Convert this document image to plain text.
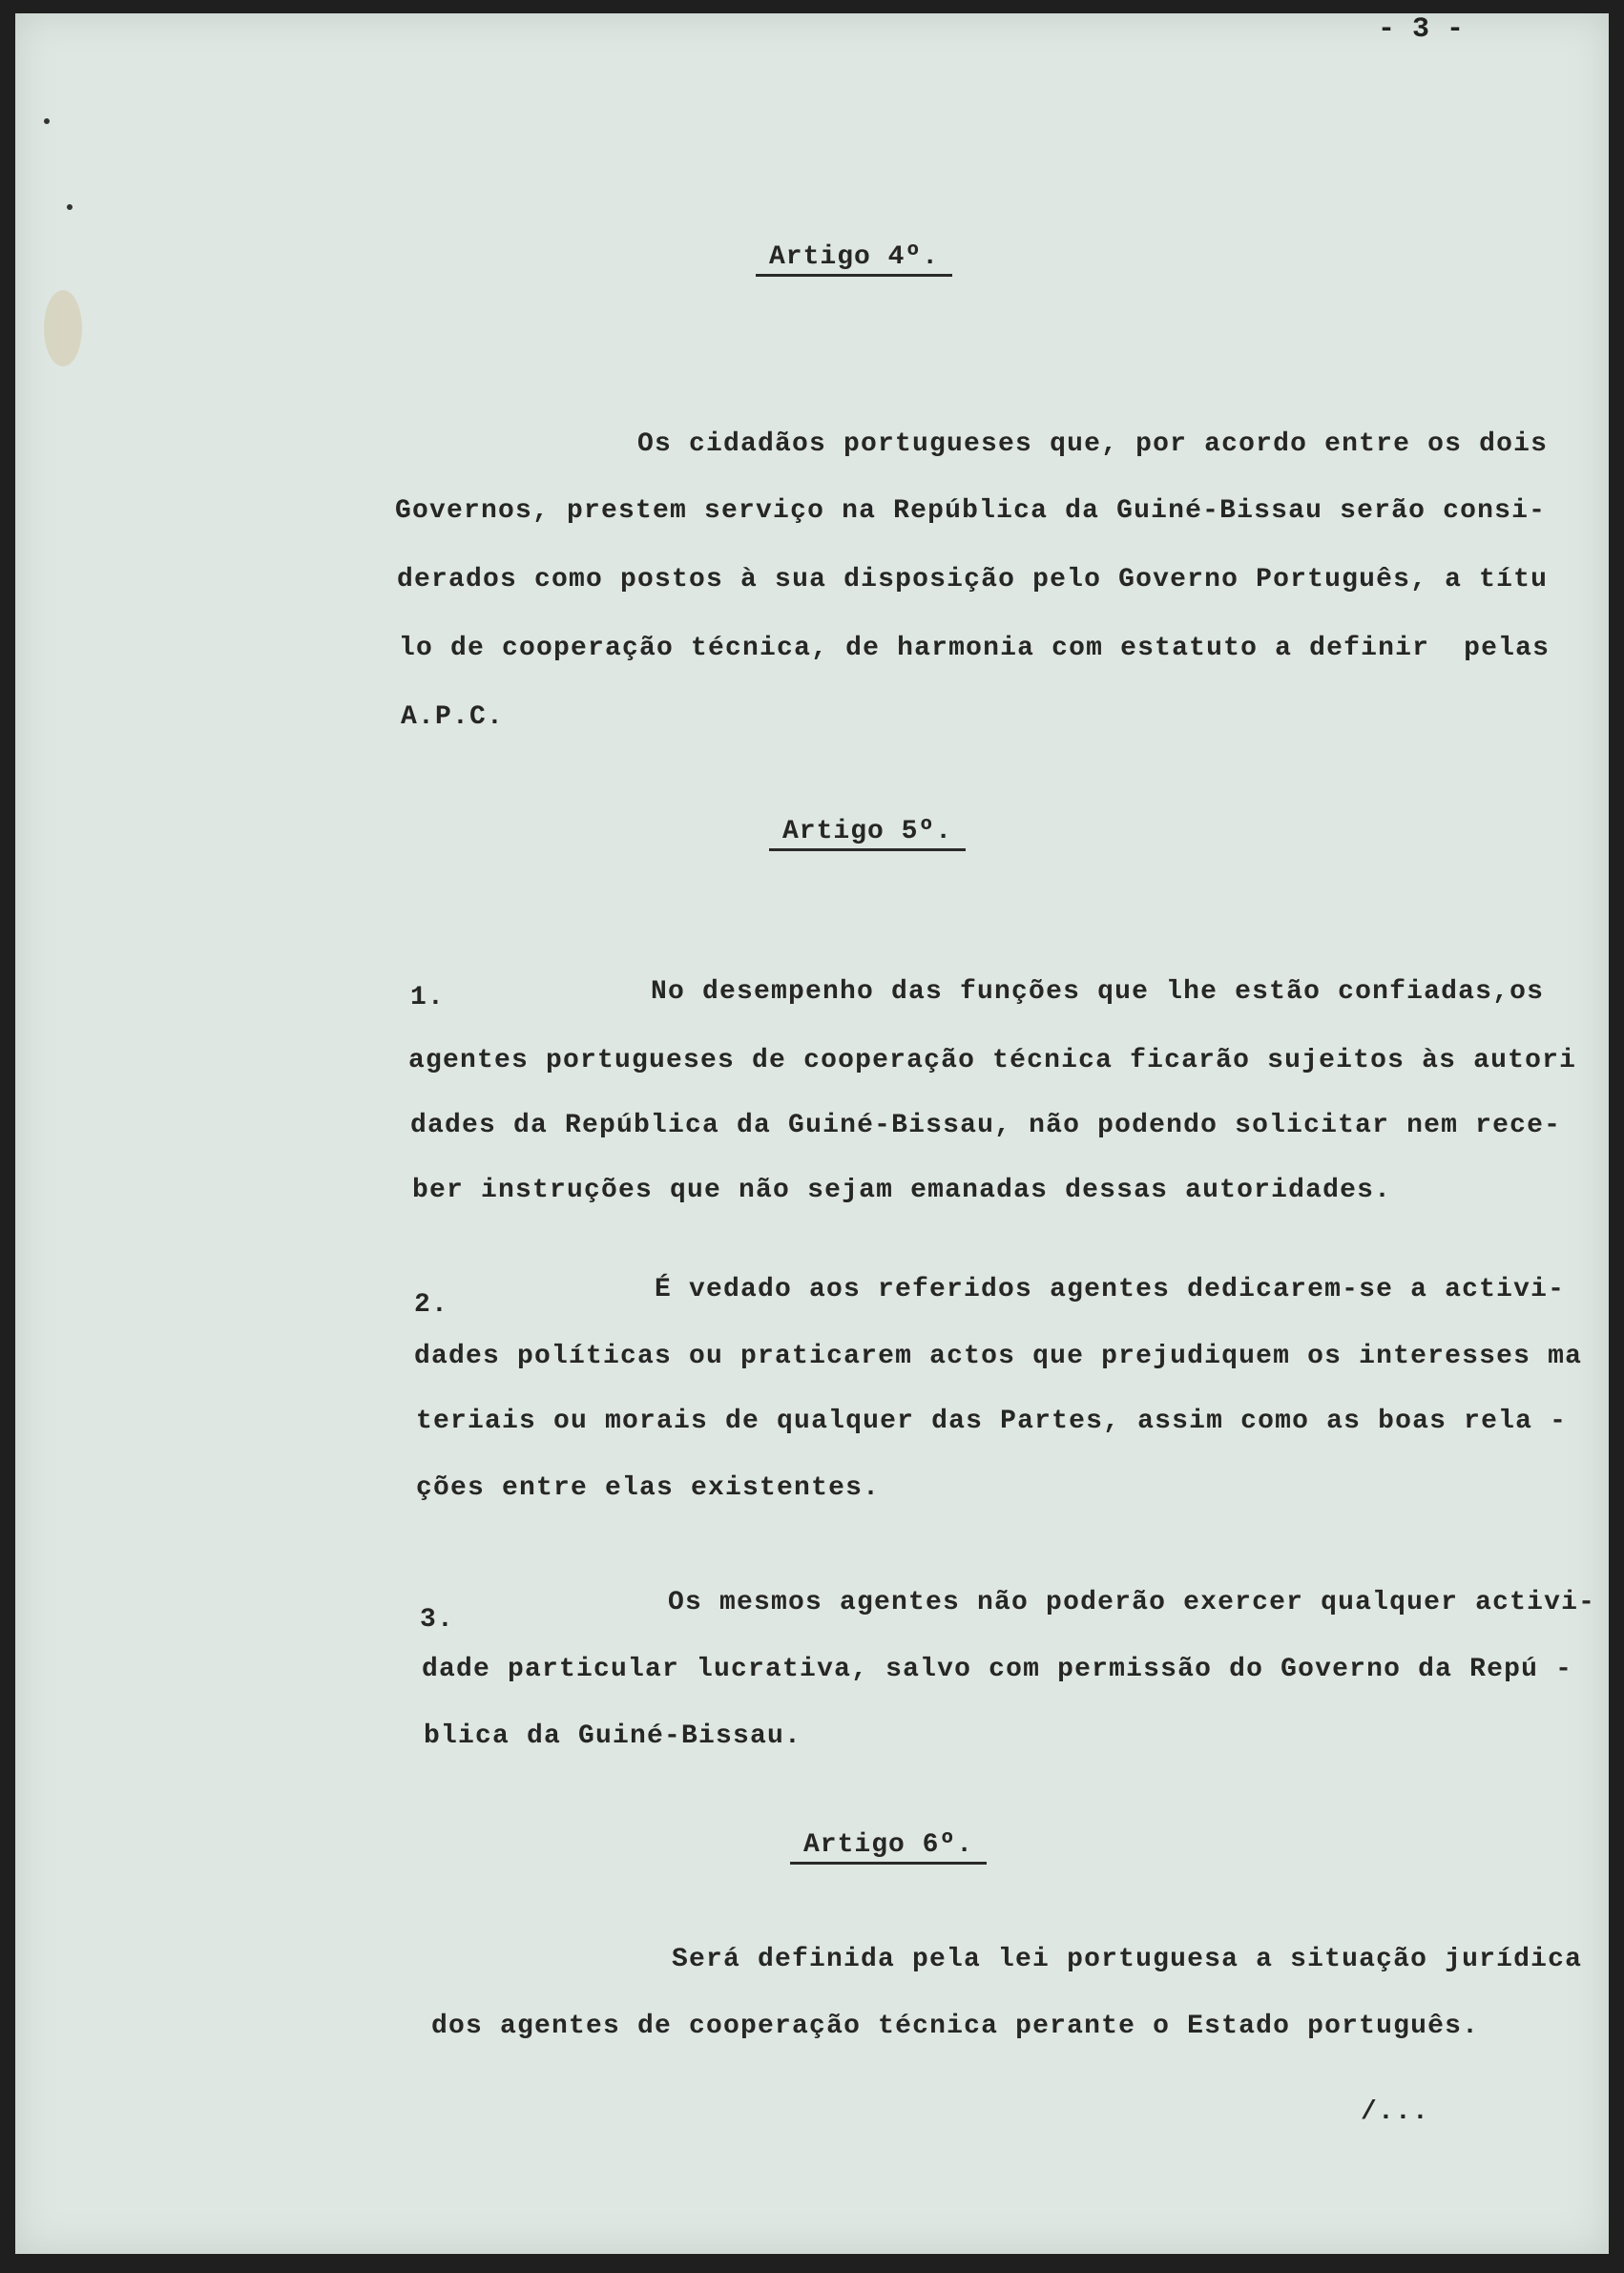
- 3 -
Artigo 4º.
Os cidadãos portugueses que, por acordo entre os dois
Governos, prestem serviço na República da Guiné-Bissau serão consi-
derados como postos à sua disposição pelo Governo Português, a títu
lo de cooperação técnica, de harmonia com estatuto a definir  pelas
A.P.C.
Artigo 5º.
1.	No desempenho das funções que lhe estão confiadas,os
agentes portugueses de cooperação técnica ficarão sujeitos às autori
dades da República da Guiné-Bissau, não podendo solicitar nem rece-
ber instruções que não sejam emanadas dessas autoridades.
2.
É vedado aos referidos agentes dedicarem-se a activi-
dades políticas ou praticarem actos que prejudiquem os interesses ma
teriais ou morais de qualquer das Partes, assim como as boas rela -
ções entre elas existentes.
3.
Os mesmos agentes não poderão exercer qualquer activi-
dade particular lucrativa, salvo com permissão do Governo da Repú -
blica da Guiné-Bissau.
Artigo 6º.
Será definida pela lei portuguesa a situação jurídica
dos agentes de cooperação técnica perante o Estado português.
/...
